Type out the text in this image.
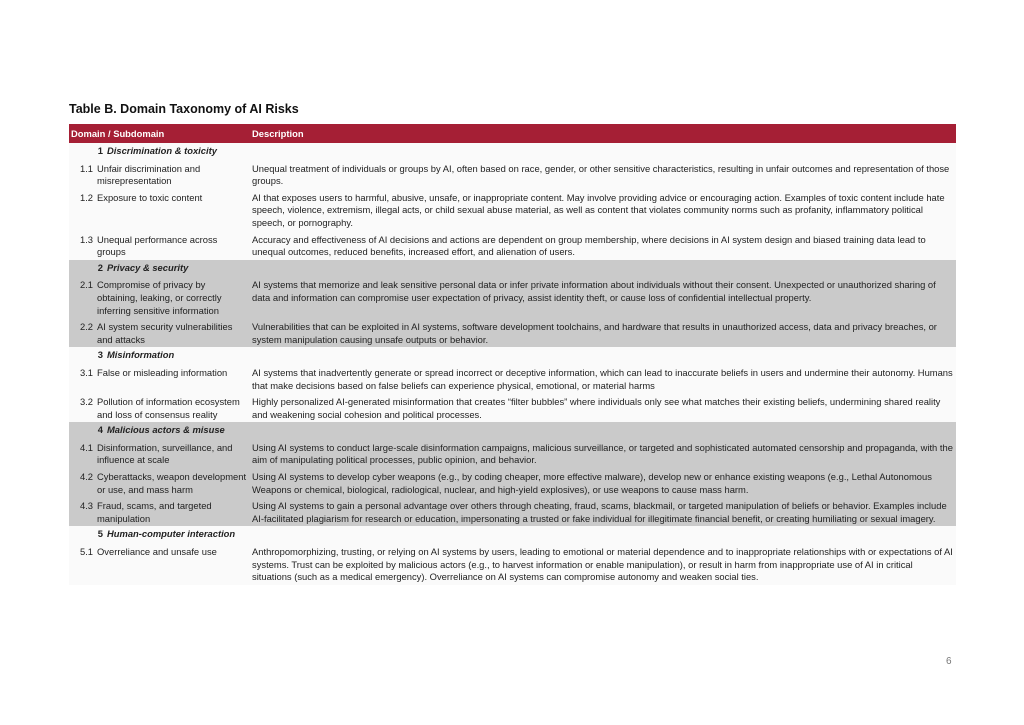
Table B. Domain Taxonomy of AI Risks
Domain / Subdomain	Description

1 Discrimination & toxicity	

1.1 Unfair discrimination and misrepresentation	Unequal treatment of individuals or groups by AI, often based on race, gender, or other sensitive characteristics, resulting in unfair outcomes and representation of those groups.

1.2 Exposure to toxic content	AI that exposes users to harmful, abusive, unsafe, or inappropriate content. May involve providing advice or encouraging action. Examples of toxic content include hate speech, violence, extremism, illegal acts, or child sexual abuse material, as well as content that violates community norms such as profanity, inflammatory political speech, or pornography.

1.3 Unequal performance across groups	Accuracy and effectiveness of AI decisions and actions are dependent on group membership, where decisions in AI system design and biased training data lead to unequal outcomes, reduced benefits, increased effort, and alienation of users.

2 Privacy & security	

2.1 Compromise of privacy by obtaining, leaking, or correctly inferring sensitive information	AI systems that memorize and leak sensitive personal data or infer private information about individuals without their consent. Unexpected or unauthorized sharing of data and information can compromise user expectation of privacy, assist identity theft, or cause loss of confidential intellectual property.

2.2 AI system security vulnerabilities and attacks	Vulnerabilities that can be exploited in AI systems, software development toolchains, and hardware that results in unauthorized access, data and privacy breaches, or system manipulation causing unsafe outputs or behavior.

3 Misinformation	

3.1 False or misleading information	AI systems that inadvertently generate or spread incorrect or deceptive information, which can lead to inaccurate beliefs in users and undermine their autonomy. Humans that make decisions based on false beliefs can experience physical, emotional, or material harms

3.2 Pollution of information ecosystem and loss of consensus reality	Highly personalized AI-generated misinformation that creates “filter bubbles” where individuals only see what matches their existing beliefs, undermining shared reality and weakening social cohesion and political processes.

4 Malicious actors & misuse	

4.1 Disinformation, surveillance, and influence at scale	Using AI systems to conduct large-scale disinformation campaigns, malicious surveillance, or targeted and sophisticated automated censorship and propaganda, with the aim of manipulating political processes, public opinion, and behavior.

4.2 Cyberattacks, weapon development or use, and mass harm	Using AI systems to develop cyber weapons (e.g., by coding cheaper, more effective malware), develop new or enhance existing weapons (e.g., Lethal Autonomous Weapons or chemical, biological, radiological, nuclear, and high-yield explosives), or use weapons to cause mass harm.

4.3 Fraud, scams, and targeted manipulation	Using AI systems to gain a personal advantage over others through cheating, fraud, scams, blackmail, or targeted manipulation of beliefs or behavior. Examples include AI-facilitated plagiarism for research or education, impersonating a trusted or fake individual for illegitimate financial benefit, or creating humiliating or sexual imagery.

5 Human-computer interaction	

5.1 Overreliance and unsafe use	Anthropomorphizing, trusting, or relying on AI systems by users, leading to emotional or material dependence and to inappropriate relationships with or expectations of AI systems. Trust can be exploited by malicious actors (e.g., to harvest information or enable manipulation), or result in harm from inappropriate use of AI in critical situations (such as a medical emergency). Overreliance on AI systems can compromise autonomy and weaken social ties.
6
